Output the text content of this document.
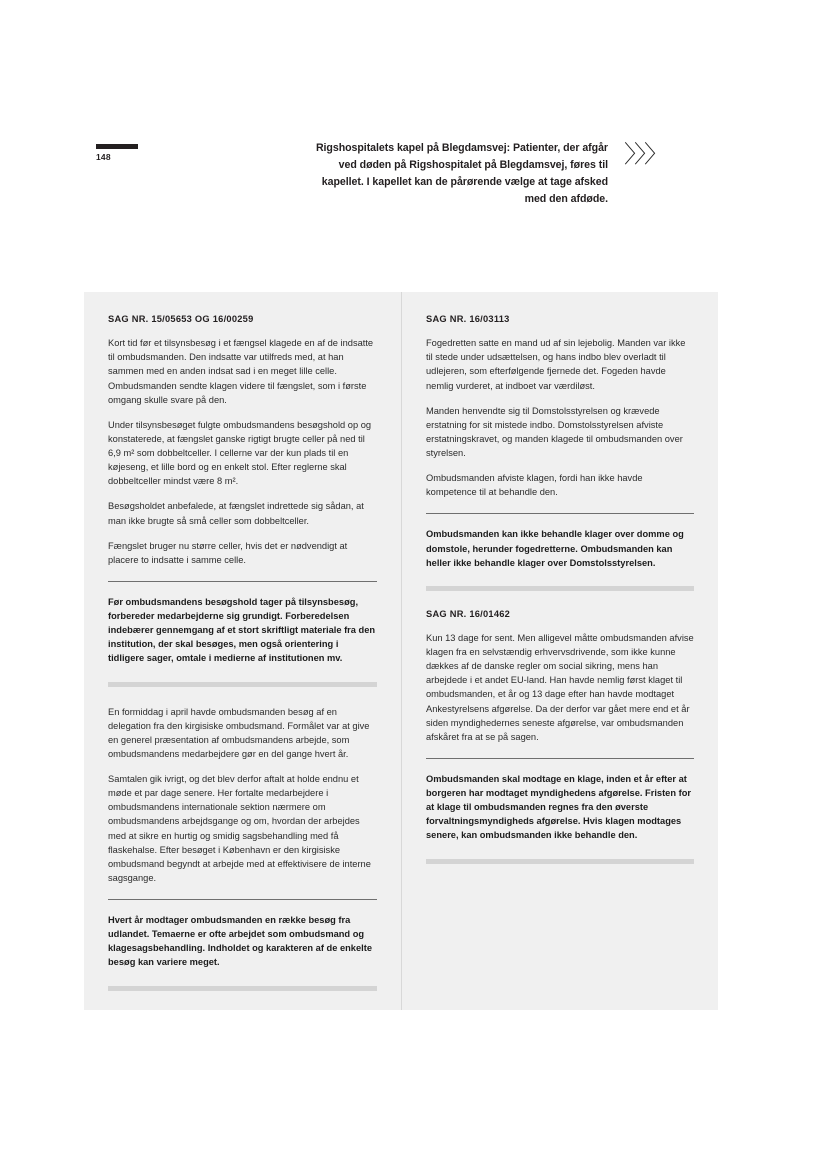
148
Rigshospitalets kapel på Blegdamsvej: Patienter, der afgår ved døden på Rigshospitalet på Blegdamsvej, føres til kapellet. I kapellet kan de pårørende vælge at tage afsked med den afdøde.
〉〉〉
SAG NR. 15/05653 OG 16/00259

Kort tid før et tilsynsbesøg i et fængsel klagede en af de indsatte til ombudsmanden. Den indsatte var utilfreds med, at han sammen med en anden indsat sad i en meget lille celle. Ombudsmanden sendte klagen videre til fængslet, som i første omgang skulle svare på den.

Under tilsynsbesøget fulgte ombudsmandens besøgshold op og konstaterede, at fængslet ganske rigtigt brugte celler på ned til 6,9 m² som dobbeltceller. I cellerne var der kun plads til en køjeseng, et lille bord og en enkelt stol. Efter reglerne skal dobbeltceller mindst være 8 m².

Besøgsholdet anbefalede, at fængslet indrettede sig sådan, at man ikke brugte så små celler som dobbeltceller.

Fængslet bruger nu større celler, hvis det er nødvendigt at placere to indsatte i samme celle.

Før ombudsmandens besøgshold tager på tilsynsbesøg, forbereder medarbejderne sig grundigt. Forberedelsen indebærer gennemgang af et stort skriftligt materiale fra den institution, der skal besøges, men også orientering i tidligere sager, omtale i medierne af institutionen mv.

En formiddag i april havde ombudsmanden besøg af en delegation fra den kirgisiske ombudsmand. Formålet var at give en generel præsentation af ombudsmandens arbejde, som ombudsmandens medarbejdere gør en del gange hvert år.

Samtalen gik ivrigt, og det blev derfor aftalt at holde endnu et møde et par dage senere. Her fortalte medarbejdere i ombudsmandens internationale sektion nærmere om ombudsmandens arbejdsgange og om, hvordan der arbejdes med at sikre en hurtig og smidig sagsbehandling med få flaskehalse. Efter besøget i København er den kirgisiske ombudsmand begyndt at arbejde med at effektivisere de interne sagsgange.

Hvert år modtager ombudsmanden en række besøg fra udlandet. Temaerne er ofte arbejdet som ombudsmand og klagesagsbehandling. Indholdet og karakteren af de enkelte besøg kan variere meget.

SAG NR. 16/03113

Fogedretten satte en mand ud af sin lejebolig. Manden var ikke til stede under udsættelsen, og hans indbo blev overladt til udlejeren, som efterfølgende fjernede det. Fogeden havde nemlig vurderet, at indboet var værdiløst.

Manden henvendte sig til Domstolsstyrelsen og krævede erstatning for sit mistede indbo. Domstolsstyrelsen afviste erstatningskravet, og manden klagede til ombudsmanden over styrelsen.

Ombudsmanden afviste klagen, fordi han ikke havde kompetence til at behandle den.

Ombudsmanden kan ikke behandle klager over domme og domstole, herunder fogedretterne. Ombudsmanden kan heller ikke behandle klager over Domstolsstyrelsen.

SAG NR. 16/01462

Kun 13 dage for sent. Men alligevel måtte ombudsmanden afvise klagen fra en selvstændig erhvervsdrivende, som ikke kunne dækkes af de danske regler om social sikring, mens han arbejdede i et andet EU-land. Han havde nemlig først klaget til ombudsmanden, et år og 13 dage efter han havde modtaget Ankestyrelsens afgørelse. Da der derfor var gået mere end et år siden myndighedernes seneste afgørelse, var ombudsmanden afskåret fra at se på sagen.

Ombudsmanden skal modtage en klage, inden et år efter at borgeren har modtaget myndighedens afgørelse. Fristen for at klage til ombudsmanden regnes fra den øverste forvaltningsmyndigheds afgørelse. Hvis klagen modtages senere, kan ombudsmanden ikke behandle den.
